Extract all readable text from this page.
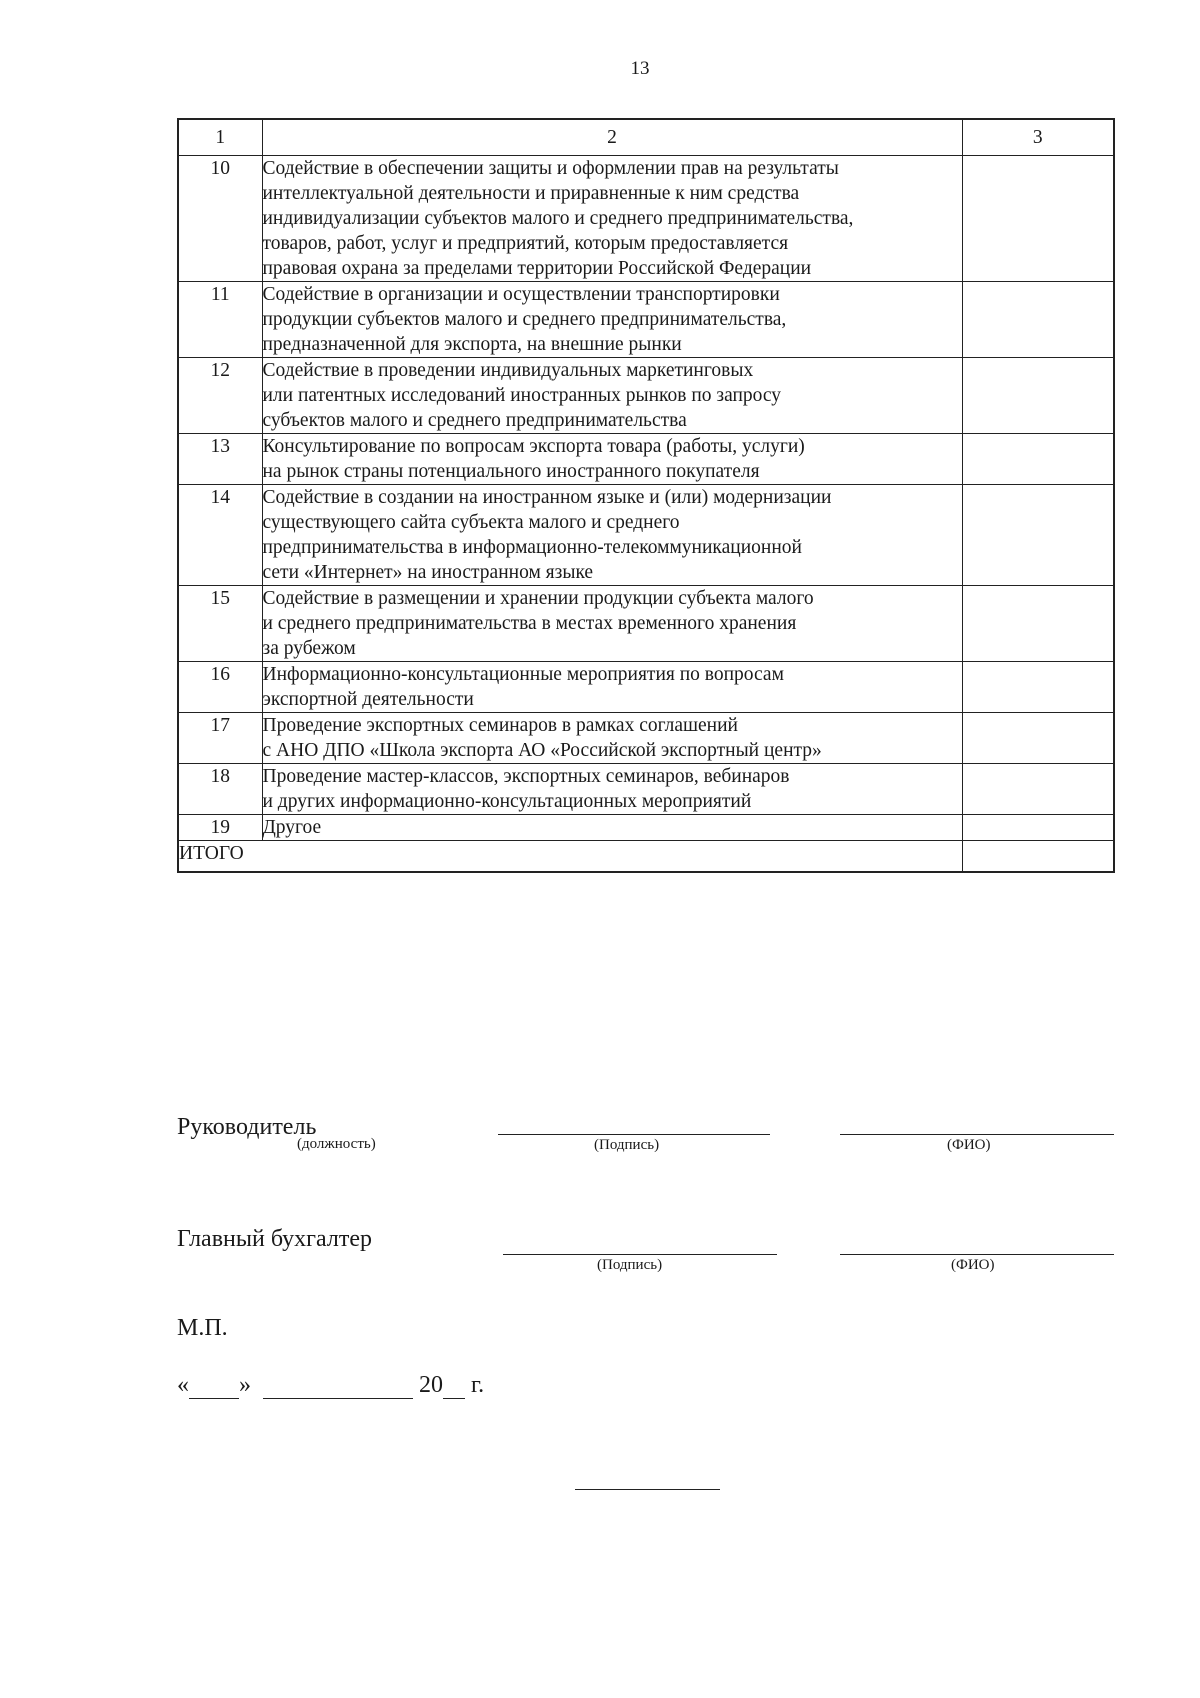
13
1	2	3
10	Содействие в обеспечении защиты и оформлении прав на результаты
интеллектуальной деятельности и приравненные к ним средства
индивидуализации субъектов малого и среднего предпринимательства,
товаров, работ, услуг и предприятий, которым предоставляется
правовая охрана за пределами территории Российской Федерации	

11	Содействие в организации и осуществлении транспортировки
продукции субъектов малого и среднего предпринимательства,
предназначенной для экспорта, на внешние рынки	

12	Содействие в проведении индивидуальных маркетинговых
или патентных исследований иностранных рынков по запросу
субъектов малого и среднего предпринимательства	

13	Консультирование по вопросам экспорта товара (работы, услуги)
на рынок страны потенциального иностранного покупателя	

14	Содействие в создании на иностранном языке и (или) модернизации
существующего сайта субъекта малого и среднего
предпринимательства в информационно-телекоммуникационной
сети «Интернет» на иностранном языке	

15	Содействие в размещении и хранении продукции субъекта малого
и среднего предпринимательства в местах временного хранения
за рубежом	

16	Информационно-консультационные мероприятия по вопросам
экспортной деятельности	

17	Проведение экспортных семинаров в рамках соглашений
с АНО ДПО «Школа экспорта АО «Российской экспортный центр»	

18	Проведение мастер-классов, экспортных семинаров, вебинаров
и других информационно-консультационных мероприятий	

19	Другое	

ИТОГО		
Руководитель
(должность)	(Подпись)	(ФИО)
Главный бухгалтер
(Подпись)	(ФИО)
М.П.
« »	20 г.
